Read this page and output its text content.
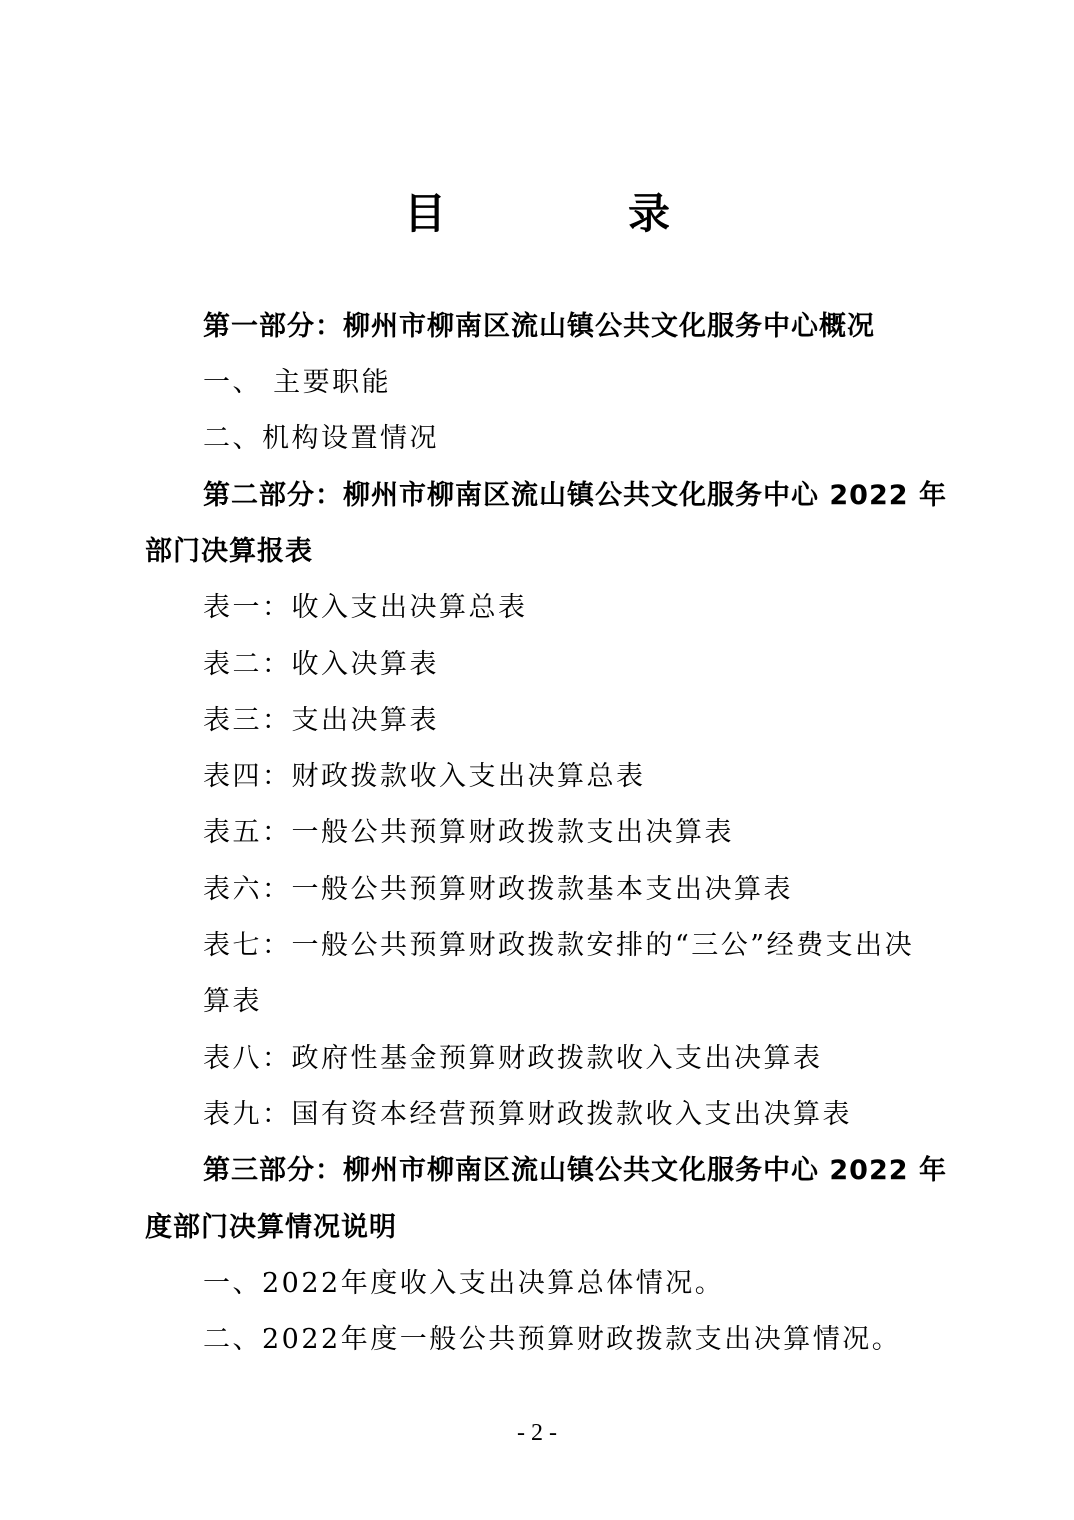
目　录
第一部分：柳州市柳南区流山镇公共文化服务中心概况
一、 主要职能
二、机构设置情况
第二部分：柳州市柳南区流山镇公共文化服务中心 2022 年
部门决算报表
表一：收入支出决算总表
表二：收入决算表
表三：支出决算表
表四：财政拨款收入支出决算总表
表五：一般公共预算财政拨款支出决算表
表六：一般公共预算财政拨款基本支出决算表
表七：一般公共预算财政拨款安排的“三公”经费支出决
算表
表八：政府性基金预算财政拨款收入支出决算表
表九：国有资本经营预算财政拨款收入支出决算表
第三部分：柳州市柳南区流山镇公共文化服务中心 2022 年
度部门决算情况说明
一、2022年度收入支出决算总体情况。
二、2022年度一般公共预算财政拨款支出决算情况。
- 2 -
